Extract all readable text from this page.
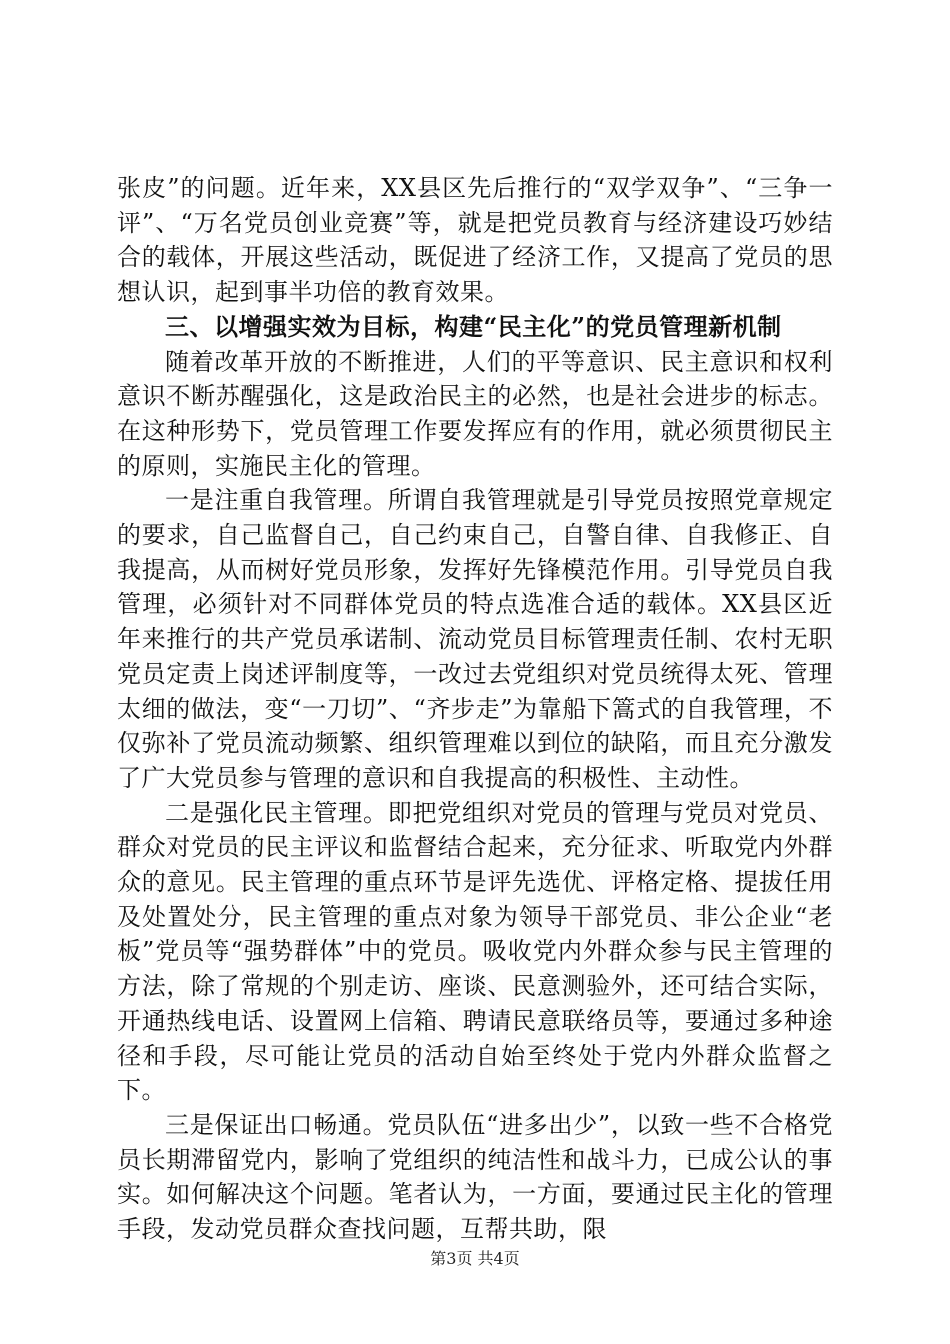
张皮”的问题。近年来，XX县区先后推行的“双学双争”、“三争一评”、“万名党员创业竞赛”等，就是把党员教育与经济建设巧妙结合的载体，开展这些活动，既促进了经济工作，又提高了党员的思想认识，起到事半功倍的教育效果。

三、以增强实效为目标，构建“民主化”的党员管理新机制

随着改革开放的不断推进，人们的平等意识、民主意识和权利意识不断苏醒强化，这是政治民主的必然，也是社会进步的标志。在这种形势下，党员管理工作要发挥应有的作用，就必须贯彻民主的原则，实施民主化的管理。

一是注重自我管理。所谓自我管理就是引导党员按照党章规定的要求，自己监督自己，自己约束自己，自警自律、自我修正、自我提高，从而树好党员形象，发挥好先锋模范作用。引导党员自我管理，必须针对不同群体党员的特点选准合适的载体。XX县区近年来推行的共产党员承诺制、流动党员目标管理责任制、农村无职党员定责上岗述评制度等，一改过去党组织对党员统得太死、管理太细的做法，变“一刀切”、“齐步走”为靠船下篙式的自我管理，不仅弥补了党员流动频繁、组织管理难以到位的缺陷，而且充分激发了广大党员参与管理的意识和自我提高的积极性、主动性。

二是强化民主管理。即把党组织对党员的管理与党员对党员、群众对党员的民主评议和监督结合起来，充分征求、听取党内外群众的意见。民主管理的重点环节是评先选优、评格定格、提拔任用及处置处分，民主管理的重点对象为领导干部党员、非公企业“老板”党员等“强势群体”中的党员。吸收党内外群众参与民主管理的方法，除了常规的个别走访、座谈、民意测验外，还可结合实际，开通热线电话、设置网上信箱、聘请民意联络员等，要通过多种途径和手段，尽可能让党员的活动自始至终处于党内外群众监督之下。

三是保证出口畅通。党员队伍“进多出少”，以致一些不合格党员长期滞留党内，影响了党组织的纯洁性和战斗力，已成公认的事实。如何解决这个问题。笔者认为，一方面，要通过民主化的管理手段，发动党员群众查找问题，互帮共助，限

第3页 共4页
